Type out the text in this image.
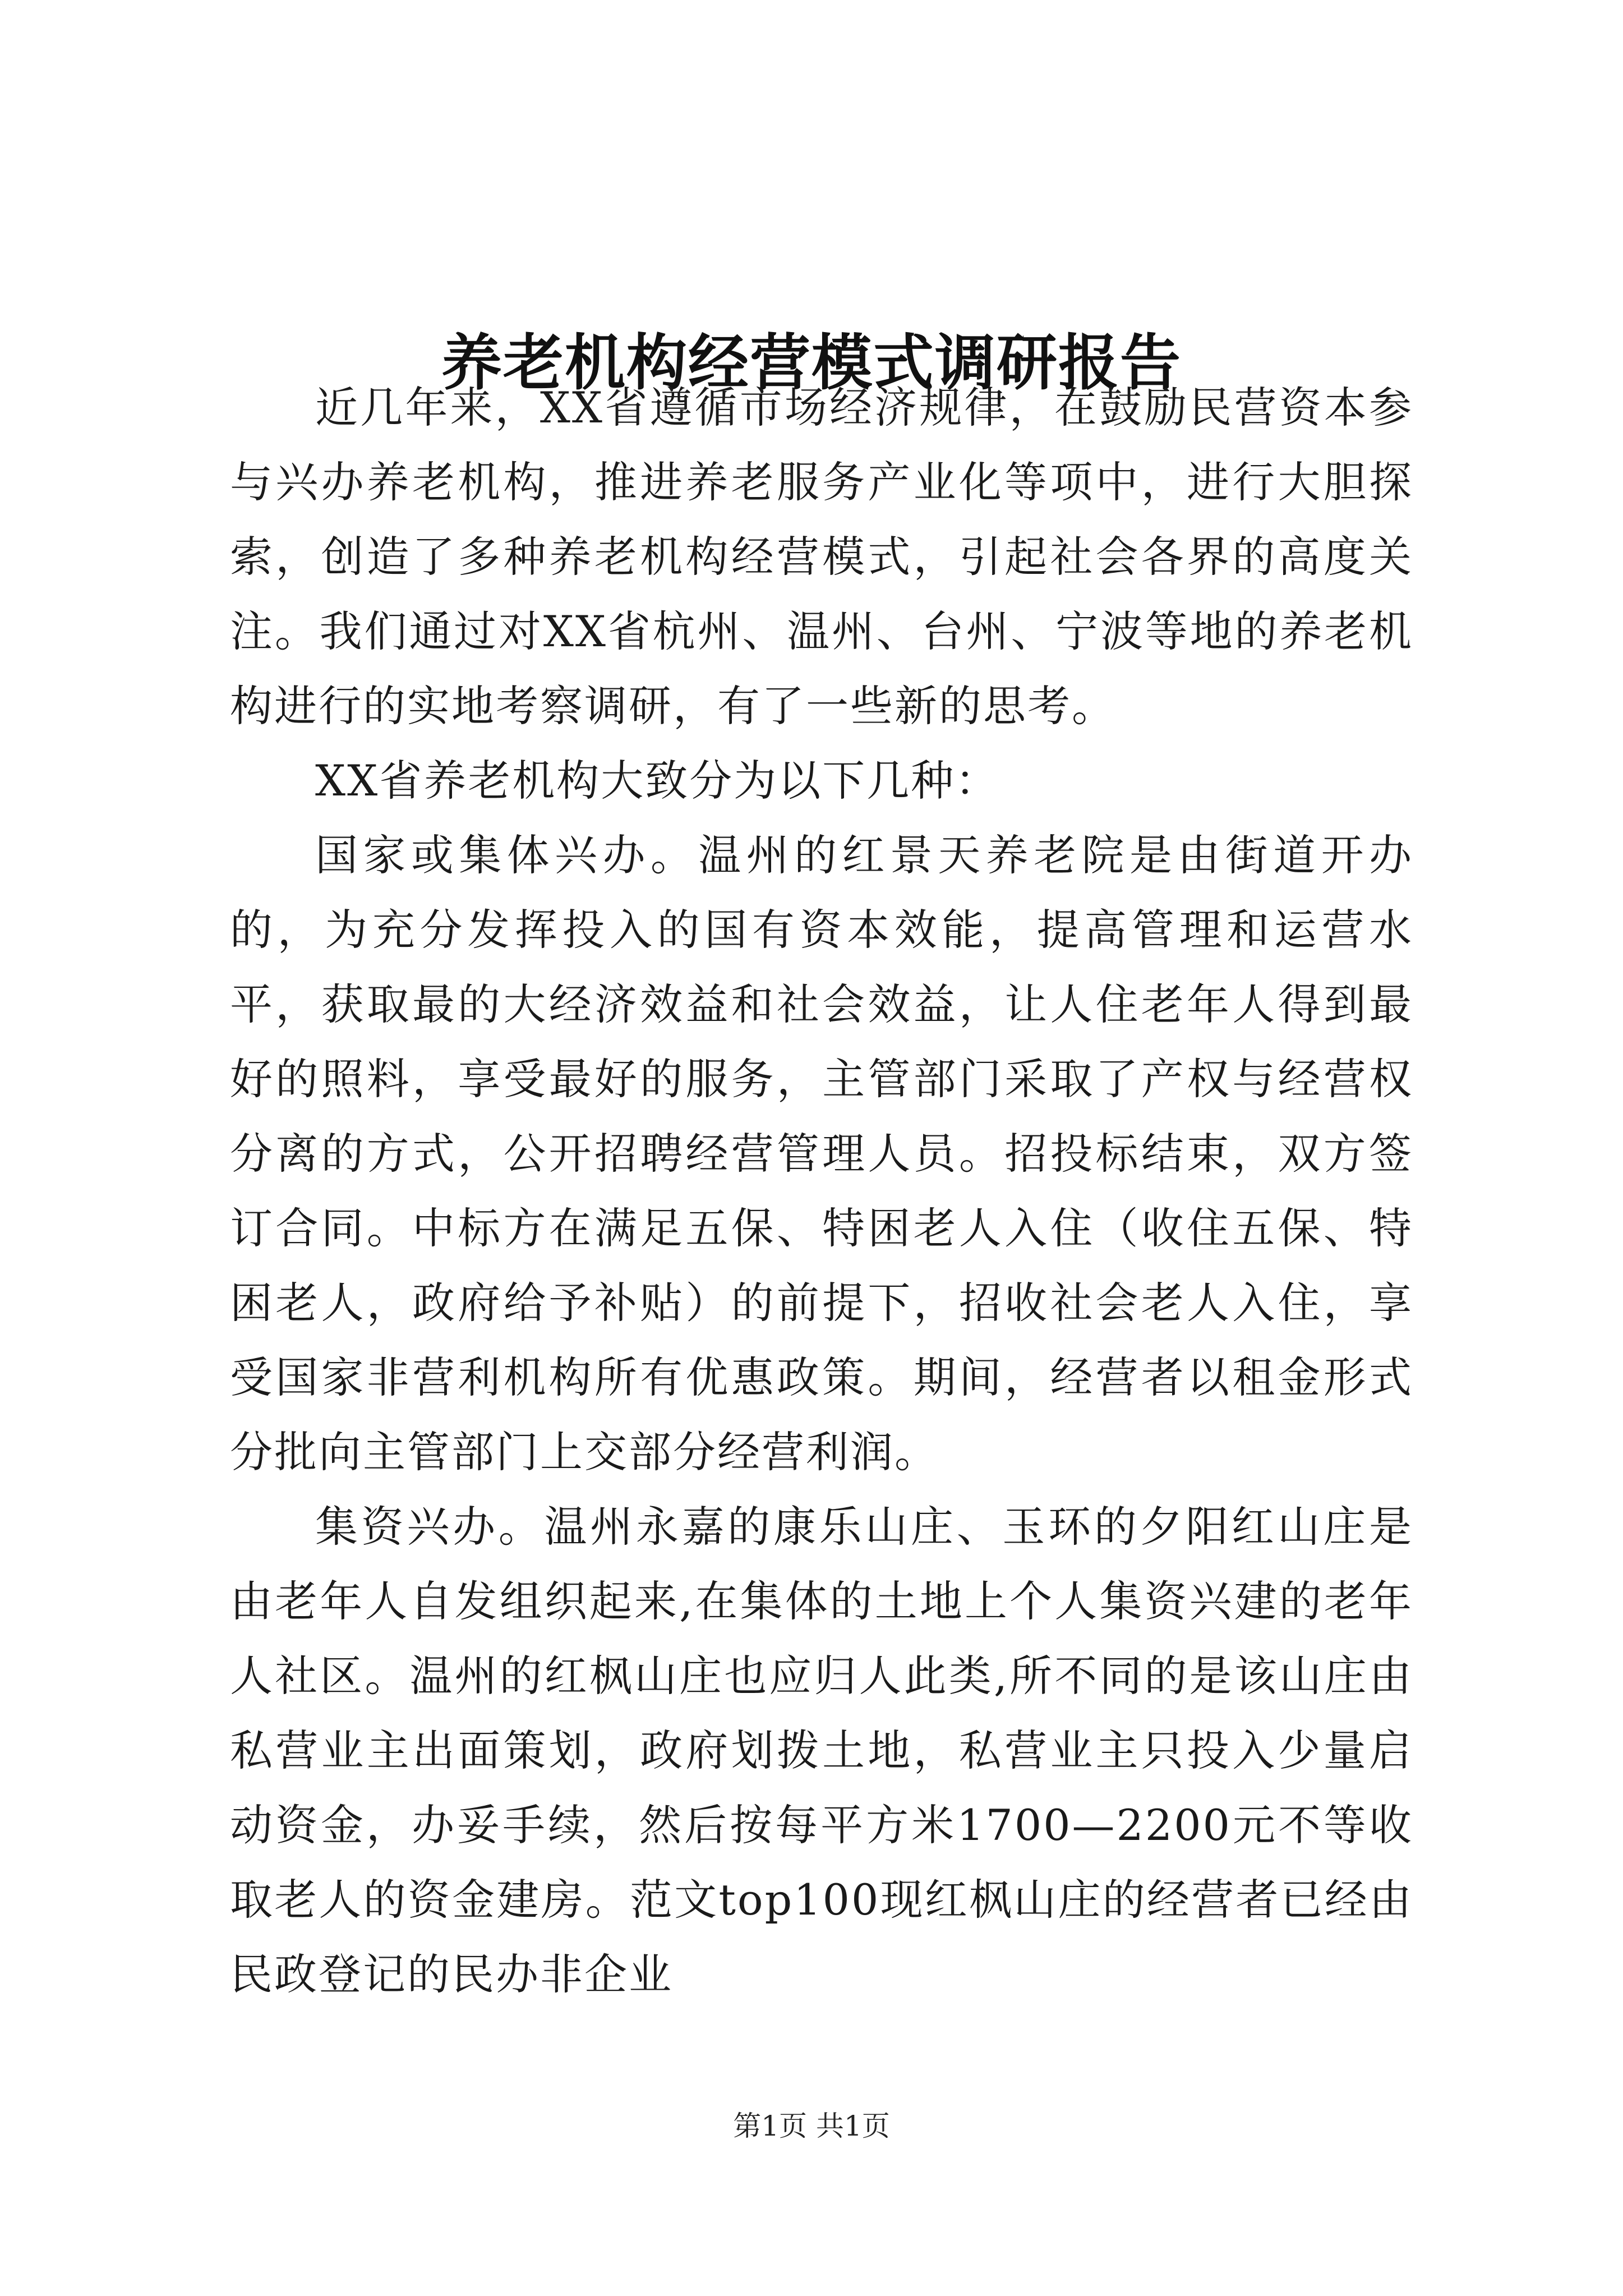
养老机构经营模式调研报告

近几年来，XX省遵循市场经济规律，在鼓励民营资本参与兴办养老机构，推进养老服务产业化等项中，进行大胆探索，创造了多种养老机构经营模式，引起社会各界的高度关注。我们通过对XX省杭州、温州、台州、宁波等地的养老机构进行的实地考察调研，有了一些新的思考。

XX省养老机构大致分为以下几种：

国家或集体兴办。温州的红景天养老院是由街道开办的，为充分发挥投入的国有资本效能，提高管理和运营水平，获取最的大经济效益和社会效益，让人住老年人得到最好的照料，享受最好的服务，主管部门采取了产权与经营权分离的方式，公开招聘经营管理人员。招投标结束，双方签订合同。中标方在满足五保、特困老人入住（收住五保、特困老人，政府给予补贴）的前提下，招收社会老人入住，享受国家非营利机构所有优惠政策。期间，经营者以租金形式分批向主管部门上交部分经营利润。

集资兴办。温州永嘉的康乐山庄、玉环的夕阳红山庄是由老年人自发组织起来,在集体的土地上个人集资兴建的老年人社区。温州的红枫山庄也应归人此类,所不同的是该山庄由私营业主出面策划，政府划拨土地，私营业主只投入少量启动资金，办妥手续，然后按每平方米1700—2200元不等收取老人的资金建房。范文top100现红枫山庄的经营者已经由民政登记的民办非企业

第1页 共1页
